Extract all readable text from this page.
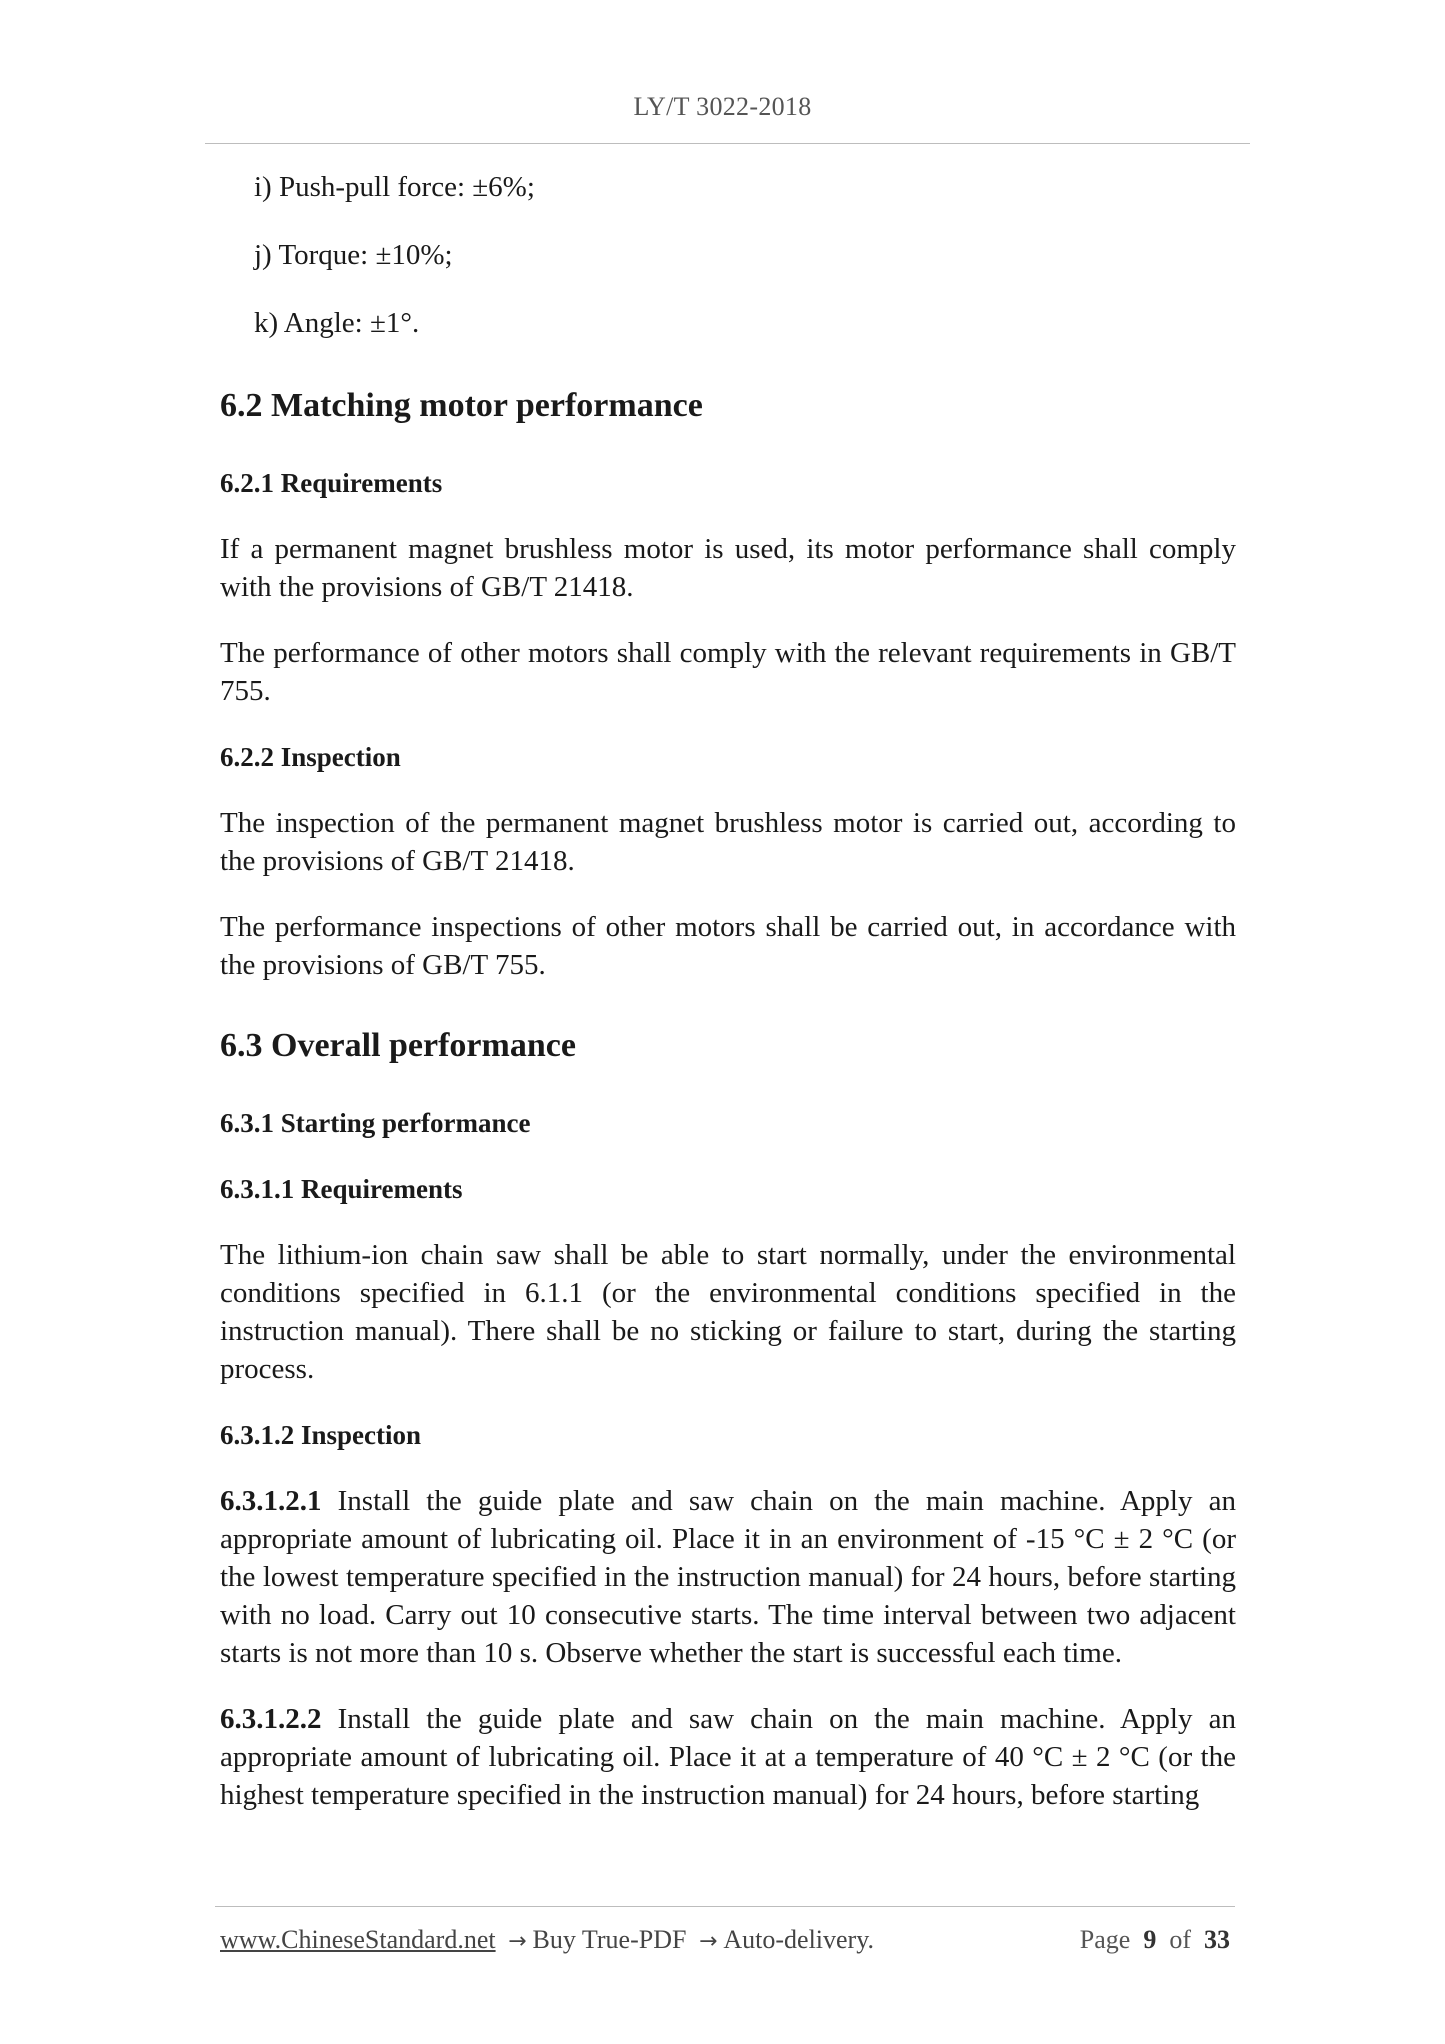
LY/T 3022-2018
i) Push-pull force: ±6%;
j) Torque: ±10%;
k) Angle: ±1°.
6.2 Matching motor performance
6.2.1 Requirements

If a permanent magnet brushless motor is used, its motor performance shall comply with the provisions of GB/T 21418.

The performance of other motors shall comply with the relevant requirements in GB/T 755.

6.2.2 Inspection

The inspection of the permanent magnet brushless motor is carried out, according to the provisions of GB/T 21418.

The performance inspections of other motors shall be carried out, in accordance with the provisions of GB/T 755.

6.3 Overall performance
6.3.1 Starting performance
6.3.1.1 Requirements

The lithium-ion chain saw shall be able to start normally, under the environmental conditions specified in 6.1.1 (or the environmental conditions specified in the instruction manual). There shall be no sticking or failure to start, during the starting process.

6.3.1.2 Inspection

6.3.1.2.1 Install the guide plate and saw chain on the main machine. Apply an appropriate amount of lubricating oil. Place it in an environment of -15 °C ± 2 °C (or the lowest temperature specified in the instruction manual) for 24 hours, before starting with no load. Carry out 10 consecutive starts. The time interval between two adjacent starts is not more than 10 s. Observe whether the start is successful each time.

6.3.1.2.2 Install the guide plate and saw chain on the main machine. Apply an appropriate amount of lubricating oil. Place it at a temperature of 40 °C ± 2 °C (or the highest temperature specified in the instruction manual) for 24 hours, before starting

www.ChineseStandard.net → Buy True-PDF → Auto-delivery.	Page 9 of 33
